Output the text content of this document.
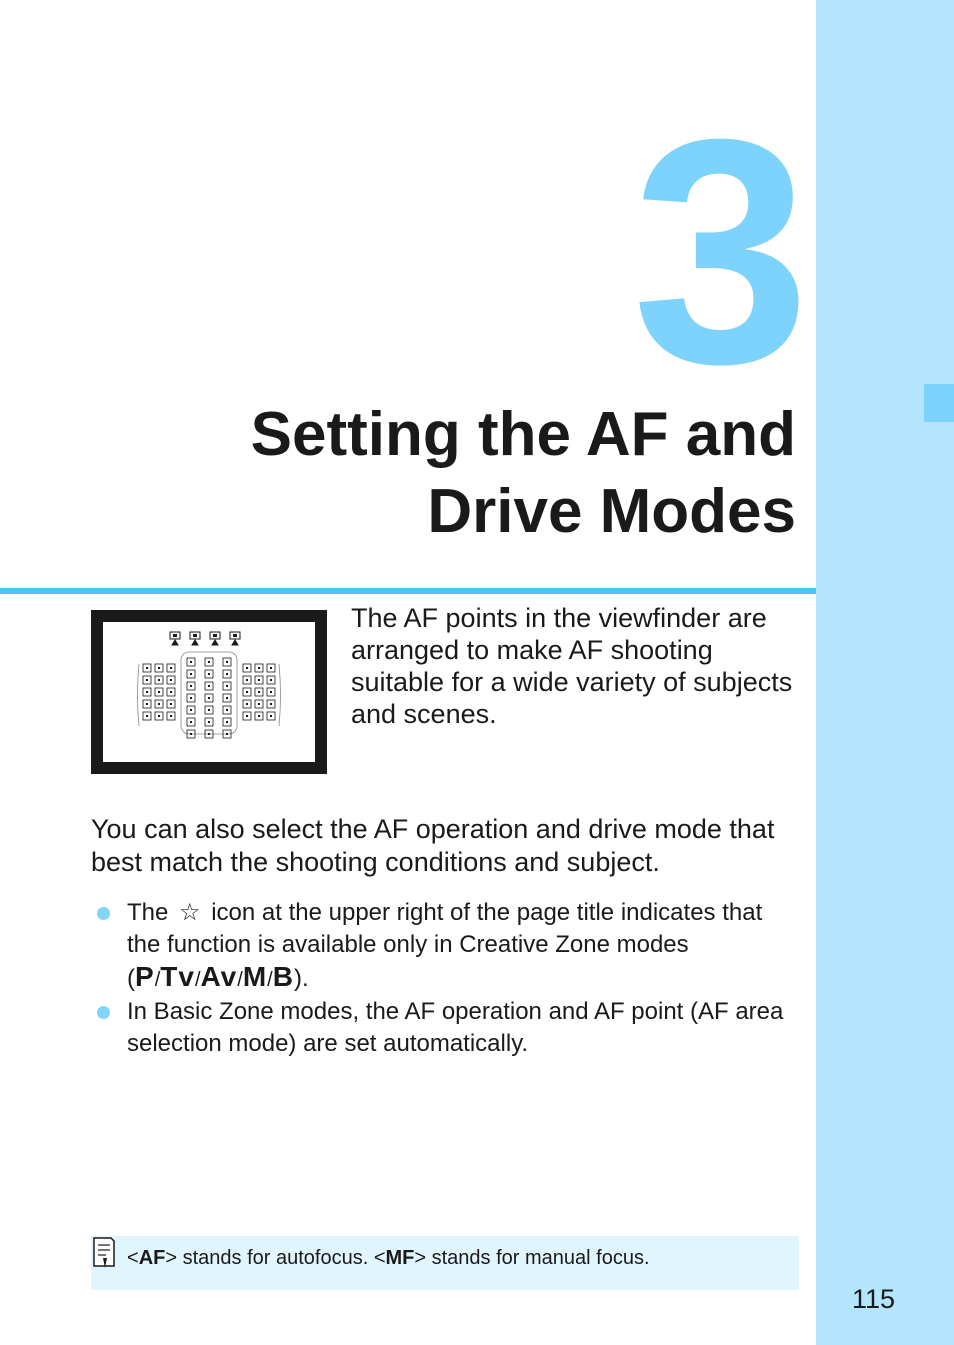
3
Setting the AF and
Drive Modes

The AF points in the viewfinder are arranged to make AF shooting suitable for a wide variety of subjects and scenes.

You can also select the AF operation and drive mode that best match the shooting conditions and subject.

The ☆ icon at the upper right of the page title indicates that the function is available only in Creative Zone modes (P/Tv/Av/M/B).
In Basic Zone modes, the AF operation and AF point (AF area selection mode) are set automatically.
<AF> stands for autofocus. <MF> stands for manual focus.
115
